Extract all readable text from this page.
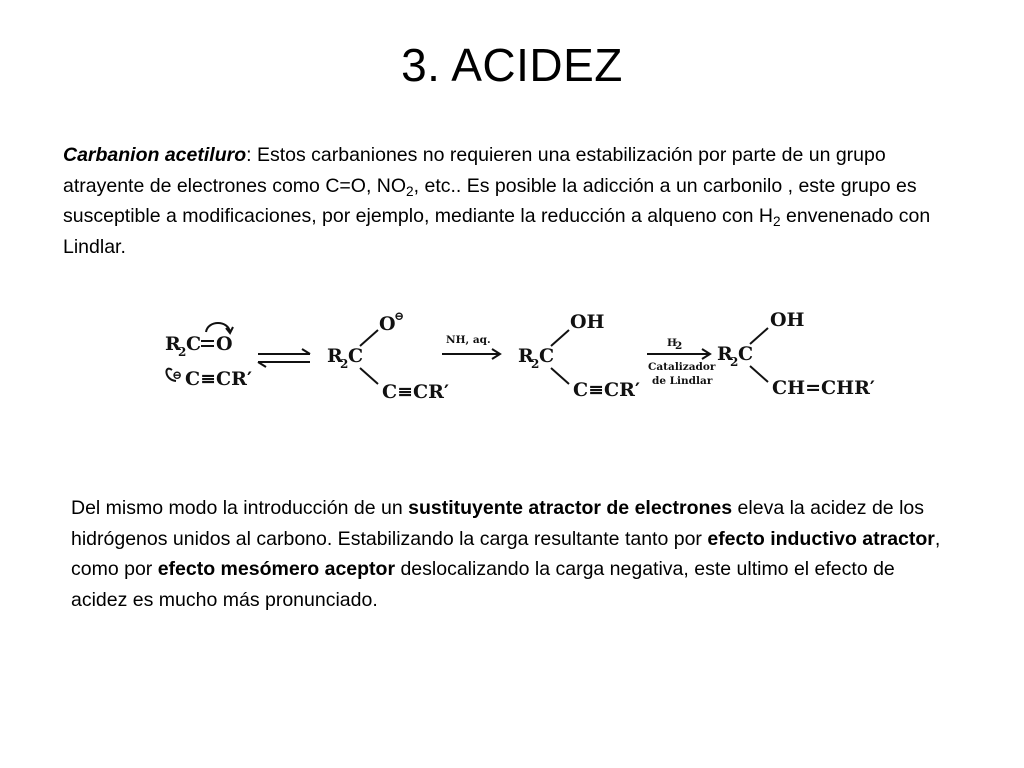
3. ACIDEZ

Carbanion acetiluro: Estos carbaniones no requieren una estabilización por parte de un grupo atrayente de electrones como C=O, $NO_2$, etc.. Es posible la adicción a un carbonilo , este grupo es susceptible a modificaciones, por ejemplo, mediante la reducción a alqueno con $H_2$ envenenado con Lindlar.

R
2 C O
⊖ C≡CR′
R
2 C
O
⊖
C≡CR′
NH, aq.
R
2 C
OH
C≡CR′
H
2
Catalizador
de Lindlar
R
2 C
OH
CH=CHR′

Del mismo modo la introducción de un sustituyente atractor de electrones eleva la acidez de los hidrógenos unidos al carbono. Estabilizando la carga resultante tanto por efecto inductivo atractor, como por efecto mesómero aceptor deslocalizando la carga negativa, este ultimo el efecto de acidez es mucho más pronunciado.
